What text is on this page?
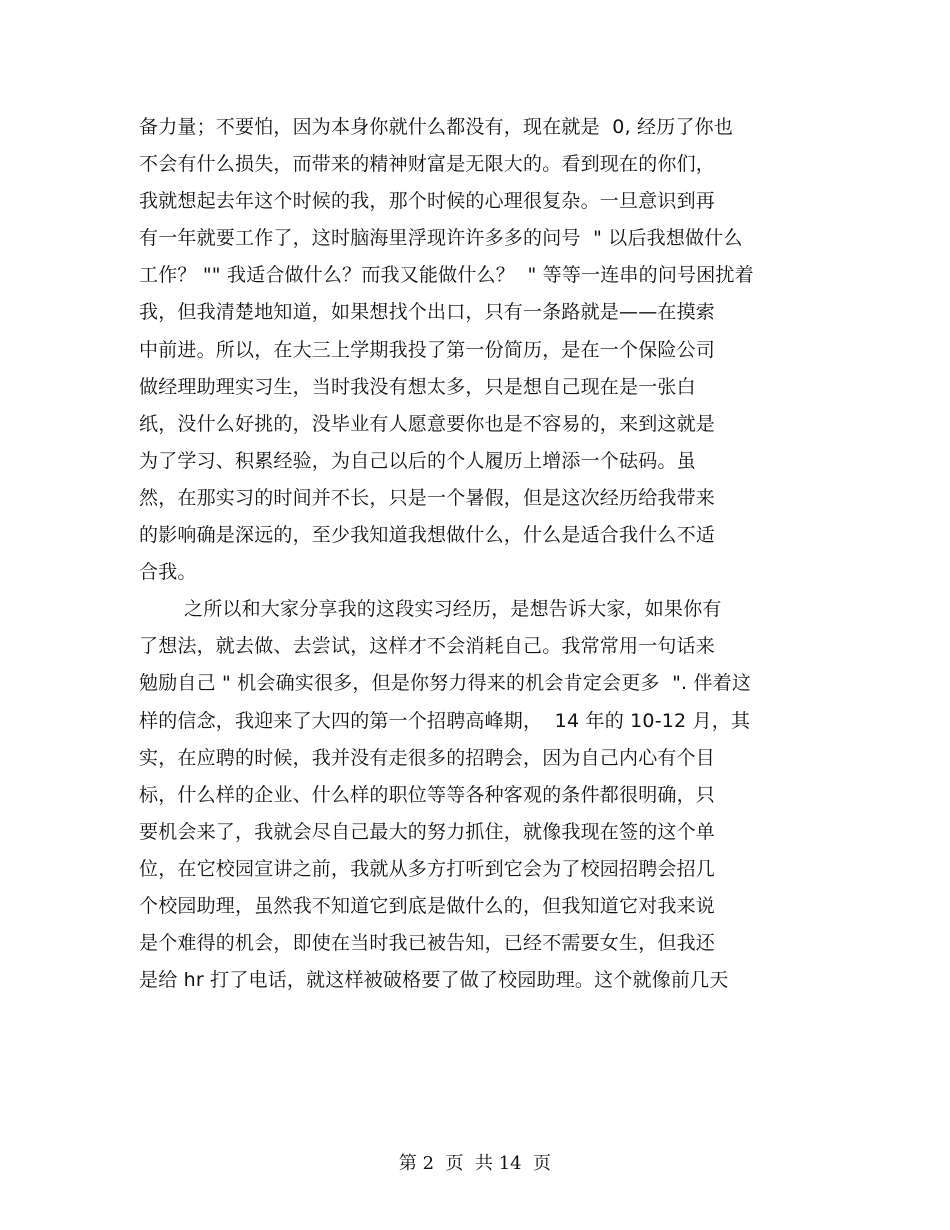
备力量；不要怕，因为本身你就什么都没有，现在就是  0, 经历了你也
不会有什么损失，而带来的精神财富是无限大的。看到现在的你们，
我就想起去年这个时候的我，那个时候的心理很复杂。一旦意识到再
有一年就要工作了，这时脑海里浮现许许多多的问号  " 以后我想做什么
工作？ "" 我适合做什么？而我又能做什么？  " 等等一连串的问号困扰着
我，但我清楚地知道，如果想找个出口，只有一条路就是——在摸索
中前进。所以，在大三上学期我投了第一份简历，是在一个保险公司
做经理助理实习生，当时我没有想太多，只是想自己现在是一张白
纸，没什么好挑的，没毕业有人愿意要你也是不容易的，来到这就是
为了学习、积累经验，为自己以后的个人履历上增添一个砝码。虽
然，在那实习的时间并不长，只是一个暑假，但是这次经历给我带来
的影响确是深远的，至少我知道我想做什么，什么是适合我什么不适
合我。
之所以和大家分享我的这段实习经历，是想告诉大家，如果你有
了想法，就去做、去尝试，这样才不会消耗自己。我常常用一句话来
勉励自己 " 机会确实很多，但是你努力得来的机会肯定会更多  ". 伴着这
样的信念，我迎来了大四的第一个招聘高峰期，  14 年的 10-12 月，其
实，在应聘的时候，我并没有走很多的招聘会，因为自己内心有个目
标，什么样的企业、什么样的职位等等各种客观的条件都很明确，只
要机会来了，我就会尽自己最大的努力抓住，就像我现在签的这个单
位，在它校园宣讲之前，我就从多方打听到它会为了校园招聘会招几
个校园助理，虽然我不知道它到底是做什么的，但我知道它对我来说
是个难得的机会，即使在当时我已被告知，已经不需要女生，但我还
是给 hr 打了电话，就这样被破格要了做了校园助理。这个就像前几天
第 2  页  共 14  页
